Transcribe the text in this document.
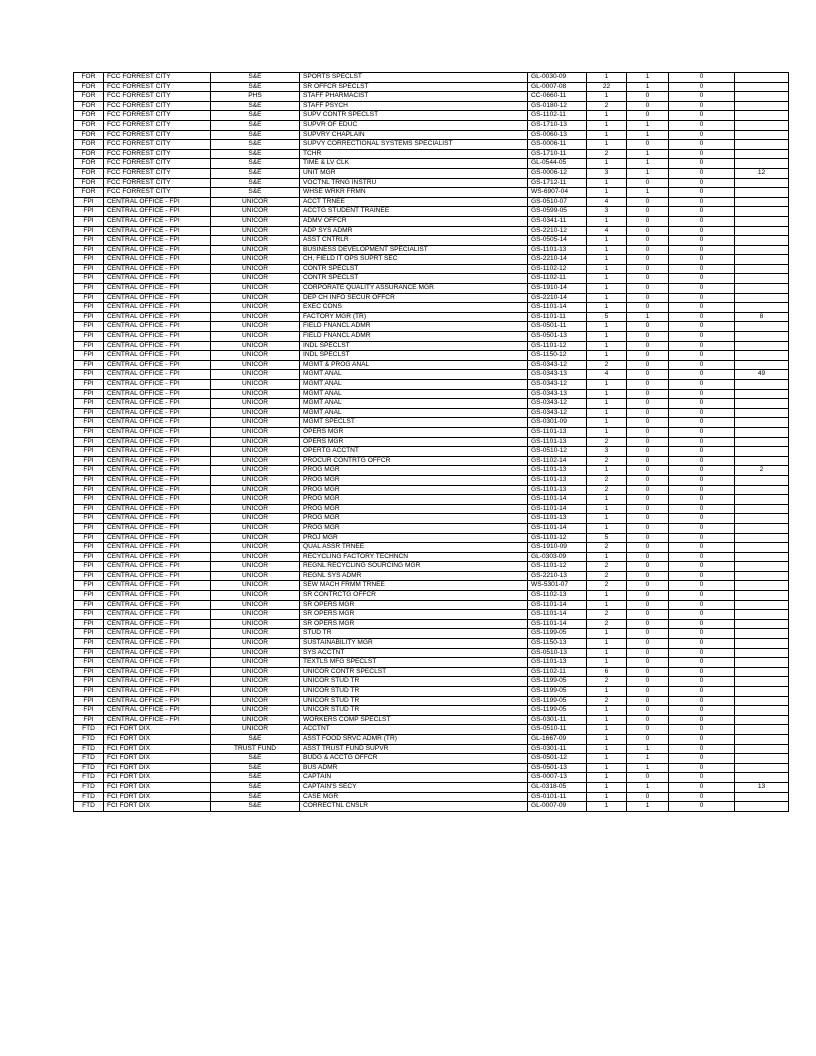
FOR	FCC FORREST CITY	S&E	SPORTS SPECLST	GL-0030-09	1	1	0	
FOR	FCC FORREST CITY	S&E	SR OFFCR SPECLST	GL-0007-08	22	1	0	
FOR	FCC FORREST CITY	PHS	STAFF PHARMACIST	CC-0660-11	1	0	0	
FOR	FCC FORREST CITY	S&E	STAFF PSYCH	GS-0180-12	2	0	0	
FOR	FCC FORREST CITY	S&E	SUPV CONTR SPECLST	GS-1102-11	1	0	0	
FOR	FCC FORREST CITY	S&E	SUPVR OF EDUC	GS-1710-13	1	1	0	
FOR	FCC FORREST CITY	S&E	SUPVRY CHAPLAIN	GS-0060-13	1	1	0	
FOR	FCC FORREST CITY	S&E	SUPVY CORRECTIONAL SYSTEMS SPECIALIST	GS-0006-11	1	0	0	
FOR	FCC FORREST CITY	S&E	TCHR	GS-1710-11	2	1	0	
FOR	FCC FORREST CITY	S&E	TIME & LV CLK	GL-0544-05	1	1	0	
FOR	FCC FORREST CITY	S&E	UNIT MGR	GS-0006-12	3	1	0	12
FOR	FCC FORREST CITY	S&E	VOCTNL TRNG INSTRU	GS-1712-11	1	0	0	
FOR	FCC FORREST CITY	S&E	WHSE WRKR FRMN	WS-6907-04	1	1	0	
FPI	CENTRAL OFFICE - FPI	UNICOR	ACCT TRNEE	GS-0510-07	4	0	0	
FPI	CENTRAL OFFICE - FPI	UNICOR	ACCTG STUDENT TRAINEE	GS-0599-05	3	0	0	
FPI	CENTRAL OFFICE - FPI	UNICOR	ADMV OFFCR	GS-0341-11	1	0	0	
FPI	CENTRAL OFFICE - FPI	UNICOR	ADP SYS ADMR	GS-2210-12	4	0	0	
FPI	CENTRAL OFFICE - FPI	UNICOR	ASST CNTRLR	GS-0505-14	1	0	0	
FPI	CENTRAL OFFICE - FPI	UNICOR	BUSINESS DEVELOPMENT SPECIALIST	GS-1101-13	1	0	0	
FPI	CENTRAL OFFICE - FPI	UNICOR	CH, FIELD IT OPS SUPRT SEC	GS-2210-14	1	0	0	
FPI	CENTRAL OFFICE - FPI	UNICOR	CONTR SPECLST	GS-1102-12	1	0	0	
FPI	CENTRAL OFFICE - FPI	UNICOR	CONTR SPECLST	GS-1102-11	1	0	0	
FPI	CENTRAL OFFICE - FPI	UNICOR	CORPORATE QUALITY ASSURANCE MGR	GS-1910-14	1	0	0	
FPI	CENTRAL OFFICE - FPI	UNICOR	DEP CH INFO SECUR OFFCR	GS-2210-14	1	0	0	
FPI	CENTRAL OFFICE - FPI	UNICOR	EXEC CONS	GS-1101-14	1	0	0	
FPI	CENTRAL OFFICE - FPI	UNICOR	FACTORY MGR (TR)	GS-1101-11	5	1	0	8
FPI	CENTRAL OFFICE - FPI	UNICOR	FIELD FNANCL ADMR	GS-0501-11	1	0	0	
FPI	CENTRAL OFFICE - FPI	UNICOR	FIELD FNANCL ADMR	GS-0501-13	1	0	0	
FPI	CENTRAL OFFICE - FPI	UNICOR	INDL SPECLST	GS-1101-12	1	0	0	
FPI	CENTRAL OFFICE - FPI	UNICOR	INDL SPECLST	GS-1150-12	1	0	0	
FPI	CENTRAL OFFICE - FPI	UNICOR	MGMT & PROG ANAL	GS-0343-12	2	0	0	
FPI	CENTRAL OFFICE - FPI	UNICOR	MGMT ANAL	GS-0343-13	4	0	0	49
FPI	CENTRAL OFFICE - FPI	UNICOR	MGMT ANAL	GS-0343-12	1	0	0	
FPI	CENTRAL OFFICE - FPI	UNICOR	MGMT ANAL	GS-0343-13	1	0	0	
FPI	CENTRAL OFFICE - FPI	UNICOR	MGMT ANAL	GS-0343-12	1	0	0	
FPI	CENTRAL OFFICE - FPI	UNICOR	MGMT ANAL	GS-0343-12	1	0	0	
FPI	CENTRAL OFFICE - FPI	UNICOR	MGMT SPECLST	GS-0301-09	1	0	0	
FPI	CENTRAL OFFICE - FPI	UNICOR	OPERS MGR	GS-1101-13	1	0	0	
FPI	CENTRAL OFFICE - FPI	UNICOR	OPERS MGR	GS-1101-13	2	0	0	
FPI	CENTRAL OFFICE - FPI	UNICOR	OPERTG ACCTNT	GS-0510-12	3	0	0	
FPI	CENTRAL OFFICE - FPI	UNICOR	PROCUR CONTRTG OFFCR	GS-1102-14	2	0	0	
FPI	CENTRAL OFFICE - FPI	UNICOR	PROG MGR	GS-1101-13	1	0	0	2
FPI	CENTRAL OFFICE - FPI	UNICOR	PROG MGR	GS-1101-13	2	0	0	
FPI	CENTRAL OFFICE - FPI	UNICOR	PROG MGR	GS-1101-13	2	0	0	
FPI	CENTRAL OFFICE - FPI	UNICOR	PROG MGR	GS-1101-14	1	0	0	
FPI	CENTRAL OFFICE - FPI	UNICOR	PROG MGR	GS-1101-14	1	0	0	
FPI	CENTRAL OFFICE - FPI	UNICOR	PROG MGR	GS-1101-13	1	0	0	
FPI	CENTRAL OFFICE - FPI	UNICOR	PROG MGR	GS-1101-14	1	0	0	
FPI	CENTRAL OFFICE - FPI	UNICOR	PROJ MGR	GS-1101-12	5	0	0	
FPI	CENTRAL OFFICE - FPI	UNICOR	QUAL ASSR TRNEE	GS-1910-09	2	0	0	
FPI	CENTRAL OFFICE - FPI	UNICOR	RECYCLING FACTORY TECHNCN	GL-0303-09	1	0	0	
FPI	CENTRAL OFFICE - FPI	UNICOR	REGNL RECYCLING SOURCING MGR	GS-1101-12	2	0	0	
FPI	CENTRAL OFFICE - FPI	UNICOR	REGNL SYS ADMR	GS-2210-13	2	0	0	
FPI	CENTRAL OFFICE - FPI	UNICOR	SEW MACH FRMM TRNEE	WS-5301-07	2	0	0	
FPI	CENTRAL OFFICE - FPI	UNICOR	SR CONTRCTG OFFCR	GS-1102-13	1	0	0	
FPI	CENTRAL OFFICE - FPI	UNICOR	SR OPERS MGR	GS-1101-14	1	0	0	
FPI	CENTRAL OFFICE - FPI	UNICOR	SR OPERS MGR	GS-1101-14	2	0	0	
FPI	CENTRAL OFFICE - FPI	UNICOR	SR OPERS MGR	GS-1101-14	2	0	0	
FPI	CENTRAL OFFICE - FPI	UNICOR	STUD TR	GS-1199-05	1	0	0	
FPI	CENTRAL OFFICE - FPI	UNICOR	SUSTAINABILITY MGR	GS-1150-13	1	0	0	
FPI	CENTRAL OFFICE - FPI	UNICOR	SYS ACCTNT	GS-0510-13	1	0	0	
FPI	CENTRAL OFFICE - FPI	UNICOR	TEXTLS MFG SPECLST	GS-1101-13	1	0	0	
FPI	CENTRAL OFFICE - FPI	UNICOR	UNICOR CONTR SPECLST	GS-1102-11	6	0	0	
FPI	CENTRAL OFFICE - FPI	UNICOR	UNICOR STUD TR	GS-1199-05	2	0	0	
FPI	CENTRAL OFFICE - FPI	UNICOR	UNICOR STUD TR	GS-1199-05	1	0	0	
FPI	CENTRAL OFFICE - FPI	UNICOR	UNICOR STUD TR	GS-1199-05	2	0	0	
FPI	CENTRAL OFFICE - FPI	UNICOR	UNICOR STUD TR	GS-1199-05	1	0	0	
FPI	CENTRAL OFFICE - FPI	UNICOR	WORKERS COMP SPECLST	GS-0301-11	1	0	0	
FTD	FCI FORT DIX	UNICOR	ACCTNT	GS-0510-11	1	0	0	
FTD	FCI FORT DIX	S&E	ASST FOOD SRVC ADMR (TR)	GL-1667-09	1	0	0	
FTD	FCI FORT DIX	TRUST FUND	ASST TRUST FUND SUPVR	GS-0301-11	1	1	0	
FTD	FCI FORT DIX	S&E	BUDG & ACCTG OFFCR	GS-0501-12	1	1	0	
FTD	FCI FORT DIX	S&E	BUS ADMR	GS-0501-13	1	1	0	
FTD	FCI FORT DIX	S&E	CAPTAIN	GS-0007-13	1	0	0	
FTD	FCI FORT DIX	S&E	CAPTAIN'S SECY	GL-0318-05	1	1	0	13
FTD	FCI FORT DIX	S&E	CASE MGR	GS-0101-11	1	0	0	
FTD	FCI FORT DIX	S&E	CORRECTNL CNSLR	GL-0007-09	1	1	0	
